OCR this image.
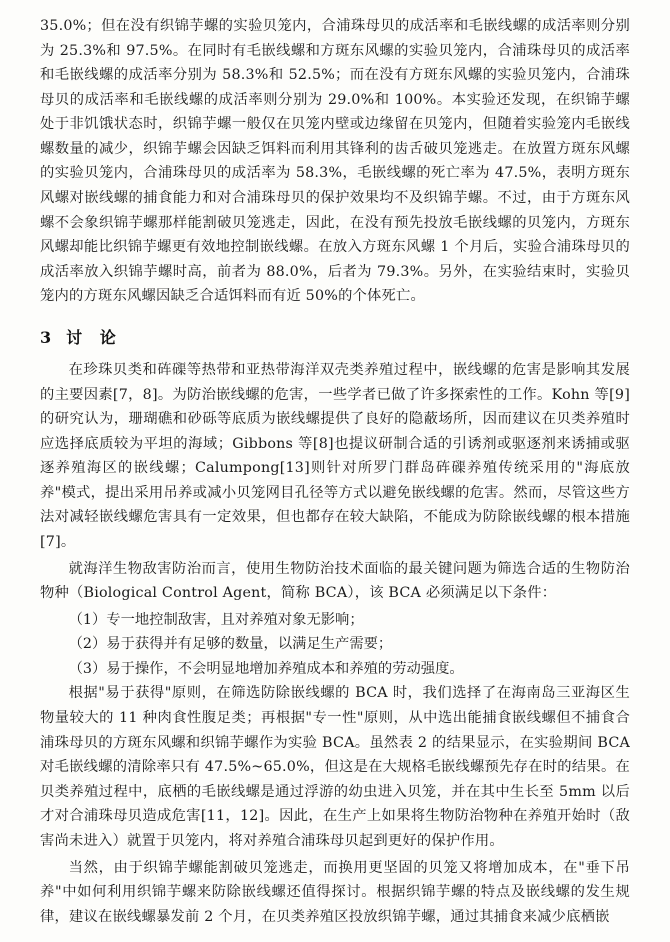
35.0%；但在没有织锦芋螺的实验贝笼内，合浦珠母贝的成活率和毛嵌线螺的成活率则分别为 25.3%和 97.5%。在同时有毛嵌线螺和方斑东风螺的实验贝笼内，合浦珠母贝的成活率和毛嵌线螺的成活率分别为 58.3%和 52.5%；而在没有方斑东风螺的实验贝笼内，合浦珠母贝的成活率和毛嵌线螺的成活率则分别为 29.0%和 100%。本实验还发现，在织锦芋螺处于非饥饿状态时，织锦芋螺一般仅在贝笼内壁或边缘留在贝笼内，但随着实验笼内毛嵌线螺数量的减少，织锦芋螺会因缺乏饵料而利用其锋利的齿舌破贝笼逃走。在放置方斑东风螺的实验贝笼内，合浦珠母贝的成活率为 58.3%，毛嵌线螺的死亡率为 47.5%，表明方斑东风螺对嵌线螺的捕食能力和对合浦珠母贝的保护效果均不及织锦芋螺。不过，由于方斑东风螺不会象织锦芋螺那样能割破贝笼逃走，因此，在没有预先投放毛嵌线螺的贝笼内，方斑东风螺却能比织锦芋螺更有效地控制嵌线螺。在放入方斑东风螺 1 个月后，实验合浦珠母贝的成活率放入织锦芋螺时高，前者为 88.0%，后者为 79.3%。另外，在实验结束时，实验贝笼内的方斑东风螺因缺乏合适饵料而有近 50%的个体死亡。

3 讨 论

在珍珠贝类和砗磲等热带和亚热带海洋双壳类养殖过程中，嵌线螺的危害是影响其发展的主要因素[7，8]。为防治嵌线螺的危害，一些学者已做了许多探索性的工作。Kohn 等[9]的研究认为，珊瑚礁和砂砾等底质为嵌线螺提供了良好的隐蔽场所，因而建议在贝类养殖时应选择底质较为平坦的海域；Gibbons 等[8]也提议研制合适的引诱剂或驱逐剂来诱捕或驱逐养殖海区的嵌线螺；Calumpong[13]则针对所罗门群岛砗磲养殖传统采用的"海底放养"模式，提出采用吊养或减小贝笼网目孔径等方式以避免嵌线螺的危害。然而，尽管这些方法对减轻嵌线螺危害具有一定效果，但也都存在较大缺陷，不能成为防除嵌线螺的根本措施[7]。

就海洋生物敌害防治而言，使用生物防治技术面临的最关键问题为筛选合适的生物防治物种（Biological Control Agent，简称 BCA），该 BCA 必须满足以下条件：

（1）专一地控制敌害，且对养殖对象无影响；

（2）易于获得并有足够的数量，以满足生产需要；

（3）易于操作，不会明显地增加养殖成本和养殖的劳动强度。

根据"易于获得"原则，在筛选防除嵌线螺的 BCA 时，我们选择了在海南岛三亚海区生物量较大的 11 种肉食性腹足类；再根据"专一性"原则，从中选出能捕食嵌线螺但不捕食合浦珠母贝的方斑东风螺和织锦芋螺作为实验 BCA。虽然表 2 的结果显示，在实验期间 BCA 对毛嵌线螺的清除率只有 47.5%~65.0%，但这是在大规格毛嵌线螺预先存在时的结果。在贝类养殖过程中，底栖的毛嵌线螺是通过浮游的幼虫进入贝笼，并在其中生长至 5mm 以后才对合浦珠母贝造成危害[11，12]。因此，在生产上如果将生物防治物种在养殖开始时（敌害尚未进入）就置于贝笼内，将对养殖合浦珠母贝起到更好的保护作用。

当然，由于织锦芋螺能割破贝笼逃走，而换用更坚固的贝笼又将增加成本，在"垂下吊养"中如何利用织锦芋螺来防除嵌线螺还值得探讨。根据织锦芋螺的特点及嵌线螺的发生规律，建议在嵌线螺暴发前 2 个月，在贝类养殖区投放织锦芋螺，通过其捕食来减少底栖嵌
